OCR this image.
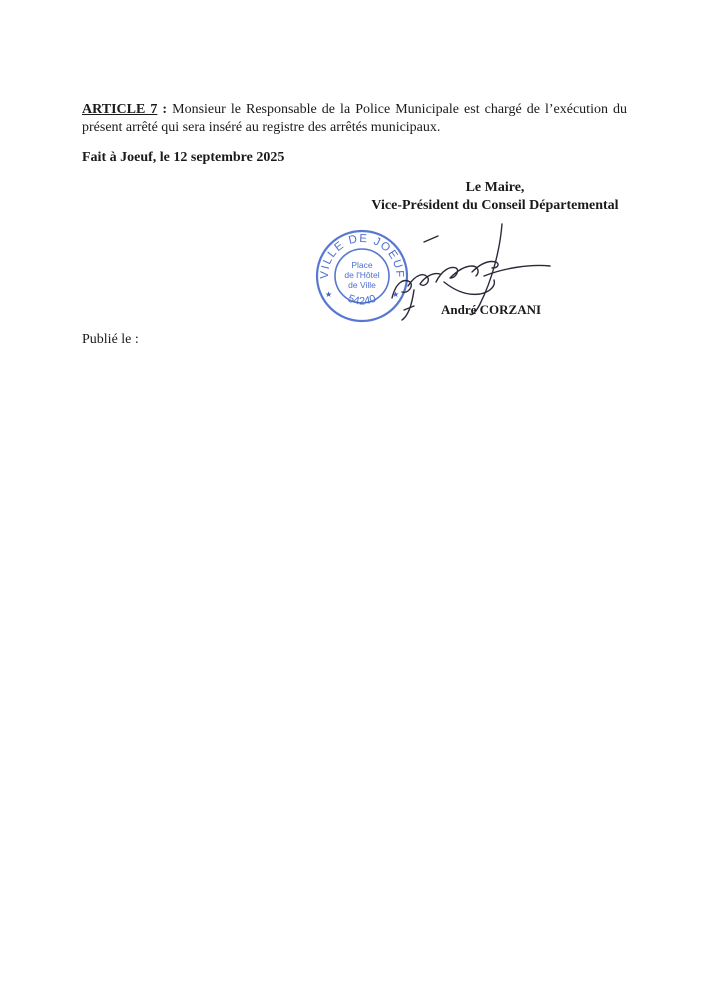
ARTICLE 7 : Monsieur le Responsable de la Police Municipale est chargé de l’exécution du présent arrêté qui sera inséré au registre des arrêtés municipaux.
Fait à Joeuf, le 12 septembre 2025
Le Maire,
Vice-Président du Conseil Départemental
VILLE DE JOEUF
54240
Place
de l'Hôtel
de Ville
★	★
André CORZANI
Publié le :
